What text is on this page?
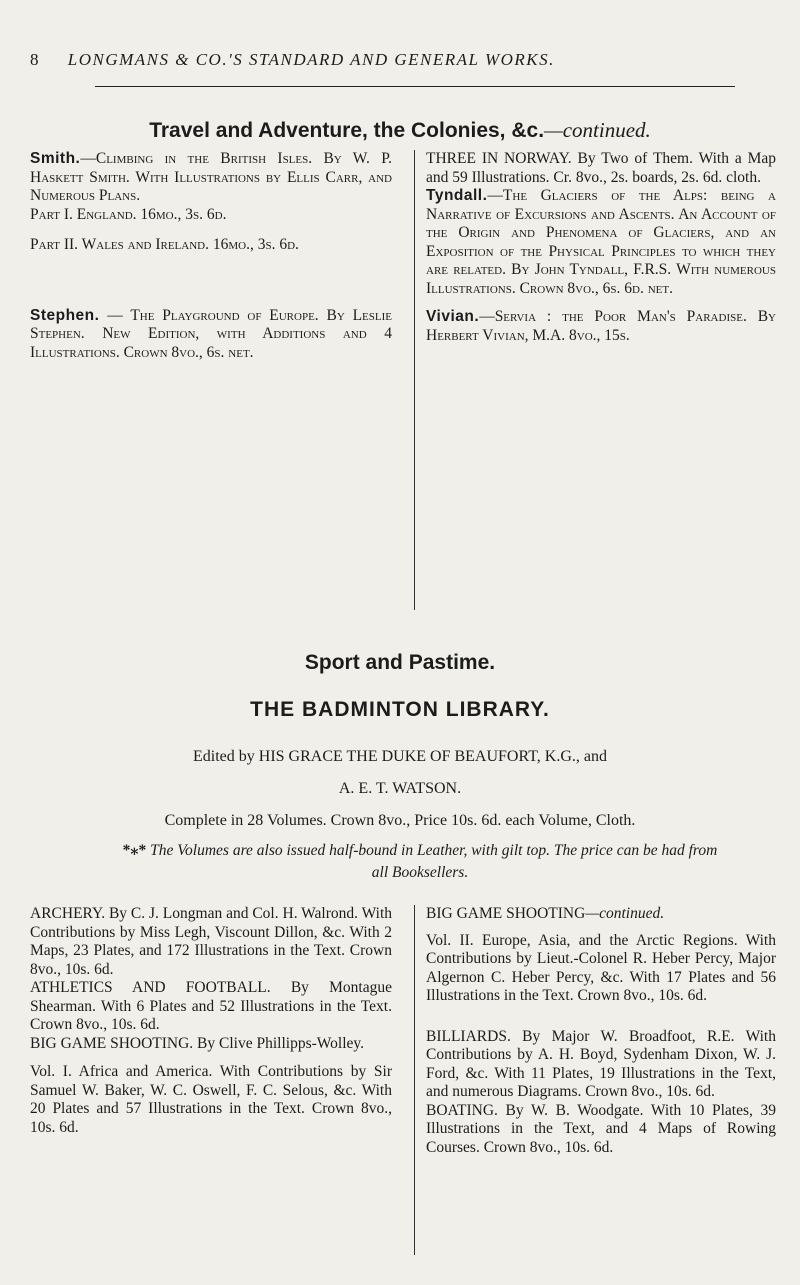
8 LONGMANS & CO.'S STANDARD AND GENERAL WORKS.
Travel and Adventure, the Colonies, &c.—continued.

Smith.—Climbing in the British Isles. By W. P. Haskett Smith. With Illustrations by Ellis Carr, and Numerous Plans.

Part I. England. 16mo., 3s. 6d.

Part II. Wales and Ireland. 16mo., 3s. 6d.

Stephen. — The Playground of Europe. By Leslie Stephen. New Edition, with Additions and 4 Illustrations. Crown 8vo., 6s. net.

THREE IN NORWAY. By Two of Them. With a Map and 59 Illustrations. Cr. 8vo., 2s. boards, 2s. 6d. cloth.

Tyndall.—The Glaciers of the Alps: being a Narrative of Excursions and Ascents. An Account of the Origin and Phenomena of Glaciers, and an Exposition of the Physical Principles to which they are related. By John Tyndall, F.R.S. With numerous Illustrations. Crown 8vo., 6s. 6d. net.

Vivian.—Servia : the Poor Man's Paradise. By Herbert Vivian, M.A. 8vo., 15s.

Sport and Pastime.
THE BADMINTON LIBRARY.
Edited by HIS GRACE THE DUKE OF BEAUFORT, K.G., and
A. E. T. WATSON.
Complete in 28 Volumes. Crown 8vo., Price 10s. 6d. each Volume, Cloth.
*⁎* The Volumes are also issued half-bound in Leather, with gilt top. The price can be had from all Booksellers.

ARCHERY. By C. J. Longman and Col. H. Walrond. With Contributions by Miss Legh, Viscount Dillon, &c. With 2 Maps, 23 Plates, and 172 Illustrations in the Text. Crown 8vo., 10s. 6d.

ATHLETICS AND FOOTBALL. By Montague Shearman. With 6 Plates and 52 Illustrations in the Text. Crown 8vo., 10s. 6d.

BIG GAME SHOOTING. By Clive Phillipps-Wolley.

Vol. I. Africa and America. With Contributions by Sir Samuel W. Baker, W. C. Oswell, F. C. Selous, &c. With 20 Plates and 57 Illustrations in the Text. Crown 8vo., 10s. 6d.

BIG GAME SHOOTING—continued.

Vol. II. Europe, Asia, and the Arctic Regions. With Contributions by Lieut.-Colonel R. Heber Percy, Major Algernon C. Heber Percy, &c. With 17 Plates and 56 Illustrations in the Text. Crown 8vo., 10s. 6d.

BILLIARDS. By Major W. Broadfoot, R.E. With Contributions by A. H. Boyd, Sydenham Dixon, W. J. Ford, &c. With 11 Plates, 19 Illustrations in the Text, and numerous Diagrams. Crown 8vo., 10s. 6d.

BOATING. By W. B. Woodgate. With 10 Plates, 39 Illustrations in the Text, and 4 Maps of Rowing Courses. Crown 8vo., 10s. 6d.
